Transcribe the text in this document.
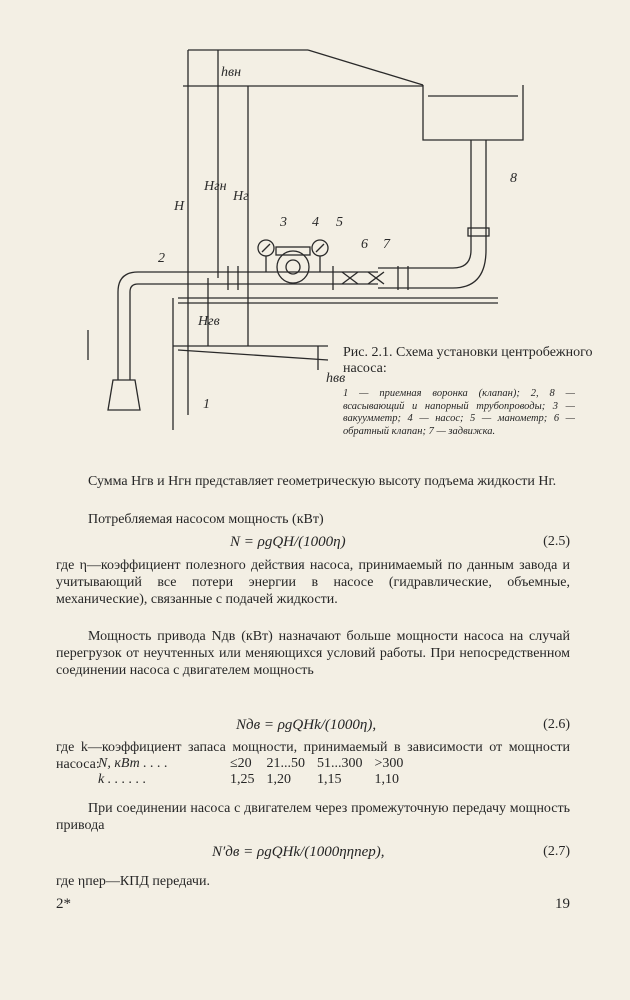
hвн
H
Hгн
Hг
Hгв
hвв
1
2
3 4 5
6 7
8
Рис. 2.1. Схема установки центробежного насоса:
1 — приемная воронка (клапан); 2, 8 — всасывающий и напорный трубопроводы; 3 — вакуумметр; 4 — насос; 5 — манометр; 6 — обратный клапан; 7 — задвижка.
Сумма Hгв и Hгн представляет геометрическую высоту подъема жидкости Hг.
Потребляемая насосом мощность (кВт)
N = ρgQH/(1000η)	(2.5)
где η—коэффициент полезного действия насоса, принимаемый по данным завода и учитывающий все потери энергии в насосе (гидравлические, объемные, механические), связанные с подачей жидкости.
Мощность привода Nдв (кВт) назначают больше мощности насоса на случай перегрузок от неучтенных или меняющихся условий работы. При непосредственном соединении насоса с двигателем мощность
Nдв = ρgQHk/(1000η),	(2.6)
где k—коэффициент запаса мощности, принимаемый в зависимости от мощности насоса:
N, кВт . . . .	≤20	21...50	51...300	>300
k . . . . . .	1,25	1,20	1,15	1,10
При соединении насоса с двигателем через промежуточную передачу мощность привода
N′дв = ρgQHk/(1000ηηпер),	(2.7)
где ηпер—КПД передачи.
2*	19
